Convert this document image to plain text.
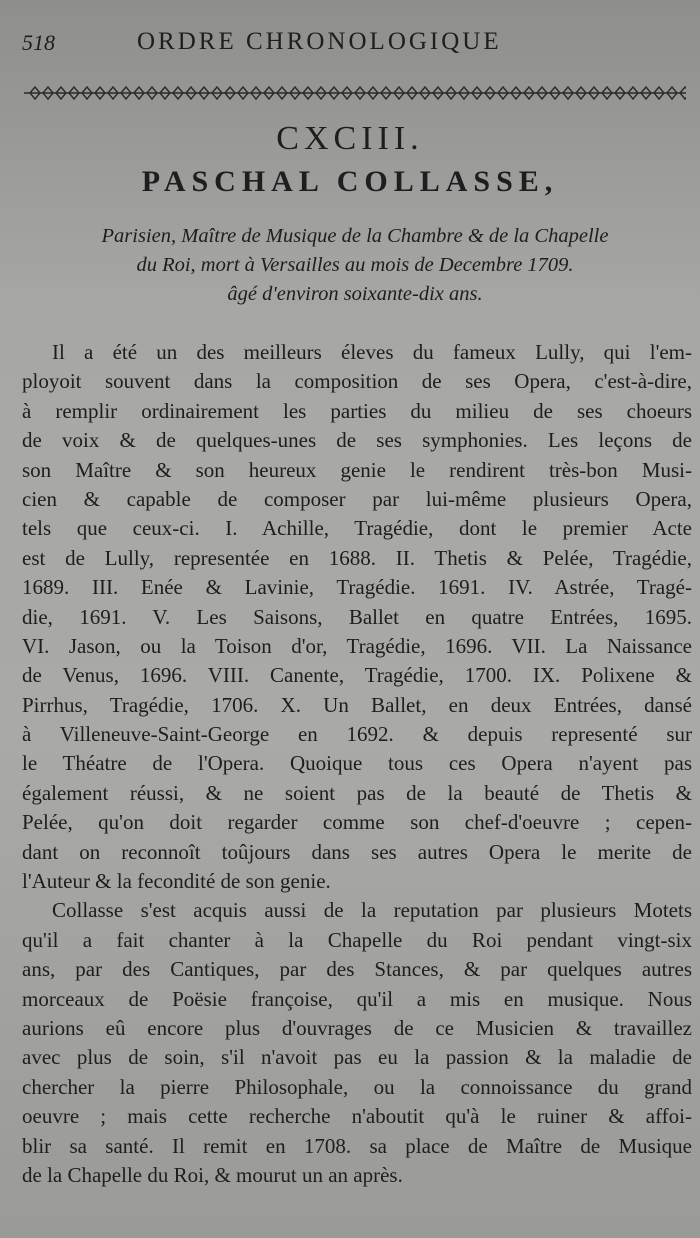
518	ORDRE CHRONOLOGIQUE
CXCIII.
PASCHAL COLLASSE,
Parisien, Maître de Musique de la Chambre & de la Chapelle
du Roi, mort à Versailles au mois de Decembre 1709.
âgé d'environ soixante-dix ans.
Il a été un des meilleurs éleves du fameux Lully, qui l'em-
ployoit souvent dans la composition de ses Opera, c'est-à-dire,
à remplir ordinairement les parties du milieu de ses choeurs
de voix & de quelques-unes de ses symphonies. Les leçons de
son Maître & son heureux genie le rendirent très-bon Musi-
cien & capable de composer par lui-même plusieurs Opera,
tels que ceux-ci. I. Achille, Tragédie, dont le premier Acte
est de Lully, representée en 1688. II. Thetis & Pelée, Tragédie,
1689. III. Enée & Lavinie, Tragédie. 1691. IV. Astrée, Tragé-
die, 1691. V. Les Saisons, Ballet en quatre Entrées, 1695.
VI. Jason, ou la Toison d'or, Tragédie, 1696. VII. La Naissance
de Venus, 1696. VIII. Canente, Tragédie, 1700. IX. Polixene &
Pirrhus, Tragédie, 1706. X. Un Ballet, en deux Entrées, dansé
à Villeneuve-Saint-George en 1692. & depuis representé sur
le Théatre de l'Opera. Quoique tous ces Opera n'ayent pas
également réussi, & ne soient pas de la beauté de Thetis &
Pelée, qu'on doit regarder comme son chef-d'oeuvre ; cepen-
dant on reconnoît toûjours dans ses autres Opera le merite de
l'Auteur & la fecondité de son genie.
Collasse s'est acquis aussi de la reputation par plusieurs Motets
qu'il a fait chanter à la Chapelle du Roi pendant vingt-six
ans, par des Cantiques, par des Stances, & par quelques autres
morceaux de Poësie françoise, qu'il a mis en musique. Nous
aurions eû encore plus d'ouvrages de ce Musicien & travaillez
avec plus de soin, s'il n'avoit pas eu la passion & la maladie de
chercher la pierre Philosophale, ou la connoissance du grand
oeuvre ; mais cette recherche n'aboutit qu'à le ruiner & affoi-
blir sa santé. Il remit en 1708. sa place de Maître de Musique
de la Chapelle du Roi, & mourut un an après.
